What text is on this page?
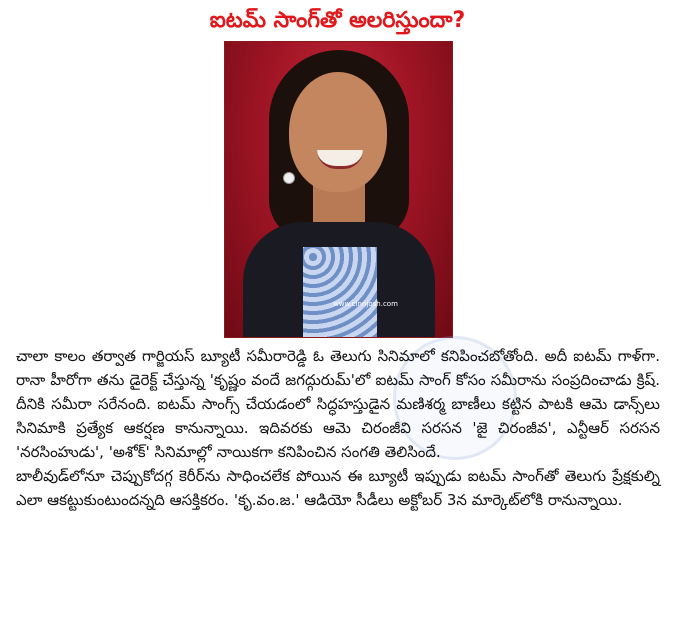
ఐటమ్ సాంగ్‌తో అలరిస్తుందా?
www.cinnjosh.com

చాలా కాలం తర్వాత గార్జియస్ బ్యూటీ సమీరారెడ్డి ఓ తెలుగు సినిమాలో కనిపించబోతోంది. అదీ ఐటమ్ గాళ్‌గా. రానా హీరోగా తను డైరెక్ట్ చేస్తున్న 'కృష్ణం వందే జగద్గురుమ్'లో ఐటమ్ సాంగ్ కోసం సమీరాను సంప్రదించాడు క్రిష్. దీనికి సమీరా సరేనంది. ఐటమ్ సాంగ్స్ చేయడంలో సిద్ధహస్తుడైన మణిశర్మ బాణీలు కట్టిన పాటకి ఆమె డాన్స్‌లు సినిమాకి ప్రత్యేక ఆకర్షణ కానున్నాయి. ఇదివరకు ఆమె చిరంజీవి సరసన 'జై చిరంజీవ', ఎన్టీఆర్ సరసన 'నరసింహుడు', 'అశోక్' సినిమాల్లో నాయికగా కనిపించిన సంగతి తెలిసిందే.

బాలీవుడ్‌లోనూ చెప్పుకోదగ్గ కెరీర్‌ను సాధించలేక పోయిన ఈ బ్యూటీ ఇప్పుడు ఐటమ్ సాంగ్‌తో తెలుగు ప్రేక్షకుల్ని ఎలా ఆకట్టుకుంటుందన్నది ఆసక్తికరం. 'కృ.వం.జ.' ఆడియో సీడీలు అక్టోబర్ 3న మార్కెట్‌లోకి రానున్నాయి.
